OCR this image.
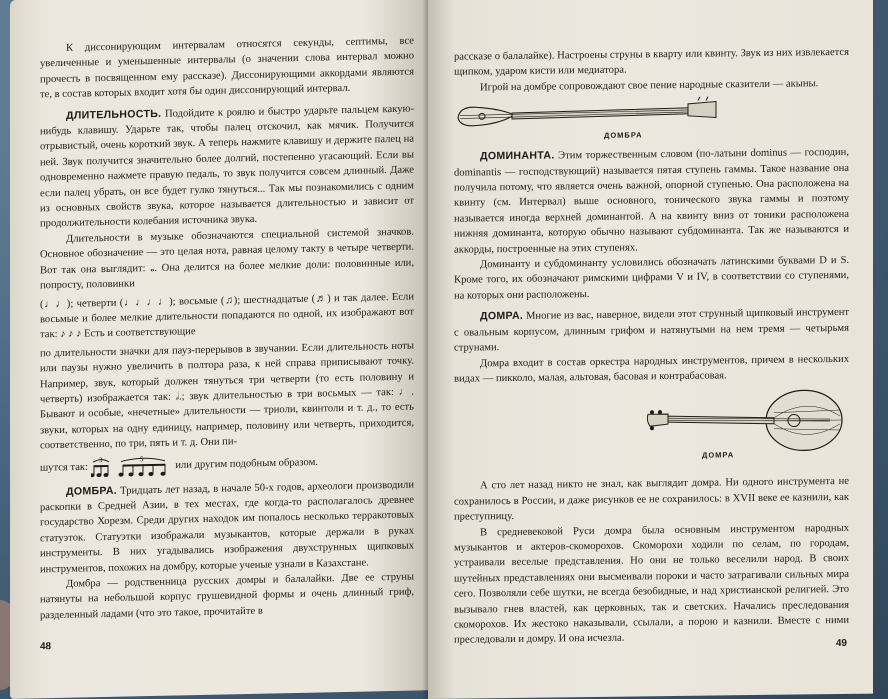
К диссонирующим интервалам относятся секунды, септимы, все увеличенные и уменьшенные интервалы (о значении слова интервал можно прочесть в посвященном ему рассказе). Диссонирующими аккордами являются те, в состав которых входит хотя бы один диссонирующий интервал.

ДЛИТЕЛЬНОСТЬ. Подойдите к роялю и быстро ударьте пальцем какую-нибудь клавишу. Ударьте так, чтобы палец отскочил, как мячик. Получится отрывистый, очень короткий звук. А теперь нажмите клавишу и держите палец на ней. Звук получится значительно более долгий, постепенно угасающий. Если вы одновременно нажмете правую педаль, то звук получится совсем длинный. Даже если палец убрать, он все будет гулко тянуться... Так мы познакомились с одним из основных свойств звука, которое называется длительностью и зависит от продолжительности колебания источника звука.

Длительности в музыке обозначаются специальной системой значков. Основное обозначение — это целая нота, равная целому такту в четыре четверти. Вот так она выглядит: 𝅝. Она делится на более мелкие доли: половинные или, попросту, половинки

(♩♩); четверти (♩♩♩♩); восьмые (♫); шестнадцатые (♬) и так далее. Если восьмые и более мелкие длительности попадаются по одной, их изображают вот так: ♪ ♪ ♪ Есть и соответствующие

по длительности значки для пауз-перерывов в звучании. Если длительность ноты или паузы нужно увеличить в полтора раза, к ней справа приписывают точку. Например, звук, который должен тянуться три четверти (то есть половину и четверть) изображается так: 𝅗𝅥.; звук длительностью в три восьмых — так: ♩. Бывают и особые, «нечетные» длительности — триоли, квинтоли и т. д., то есть звуки, которых на одну единицу, например, половину или четверть, приходится, соответственно, по три, пять и т. д. Они пи-

шутся так:
3	5	или другим подобным образом.

ДОМБРА. Тридцать лет назад, в начале 50-х годов, археологи производили раскопки в Средней Азии, в тех местах, где когда-то располагалось древнее государство Хорезм. Среди других находок им попалось несколько терракотовых статуэток. Статуэтки изображали музыкантов, которые держали в руках инструменты. В них угадывались изображения двухструнных щипковых инструментов, похожих на домбру, которые ученые узнали в Казахстане.

Домбра — родственница русских домры и балалайки. Две ее струны натянуты на небольшой корпус грушевидной формы и очень длинный гриф, разделенный ладами (что это такое, прочитайте в

48

рассказе о балалайке). Настроены струны в кварту или квинту. Звук из них извлекается щипком, ударом кисти или медиатора.

Игрой на домбре сопровождают свое пение народные сказители — акыны.

ДОМБРА

ДОМИНАНТА. Этим торжественным словом (по-латыни dominus — господин, dominantis — господствующий) называется пятая ступень гаммы. Такое название она получила потому, что является очень важной, опорной ступенью. Она расположена на квинту (см. Интервал) выше основного, тонического звука гаммы и поэтому называется иногда верхней доминантой. А на квинту вниз от тоники расположена нижняя доминанта, которую обычно называют субдоминанта. Так же называются и аккорды, построенные на этих ступенях.

Доминанту и субдоминанту условились обозначать латинскими буквами D и S. Кроме того, их обозначают римскими цифрами V и IV, в соответствии со ступенями, на которых они расположены.

ДОМРА. Многие из вас, наверное, видели этот струнный щипковый инструмент с овальным корпусом, длинным грифом и натянутыми на нем тремя — четырьмя струнами.

Домра входит в состав оркестра народных инструментов, причем в нескольких видах — пикколо, малая, альтовая, басовая и контрабасовая.

ДОМРА

А сто лет назад никто не знал, как выглядит домра. Ни одного инструмента не сохранилось в России, и даже рисунков ее не сохранилось: в XVII веке ее казнили, как преступницу.

В средневековой Руси домра была основным инструментом народных музыкантов и актеров-скоморохов. Скоморохи ходили по селам, по городам, устраивали веселые представления. Но они не только веселили народ. В своих шутейных представлениях они высмеивали пороки и часто затрагивали сильных мира сего. Позволяли себе шутки, не всегда безобидные, и над христианской религией. Это вызывало гнев властей, как церковных, так и светских. Начались преследования скоморохов. Их жестоко наказывали, ссылали, а порою и казнили. Вместе с ними преследовали и домру. И она исчезла.	49
